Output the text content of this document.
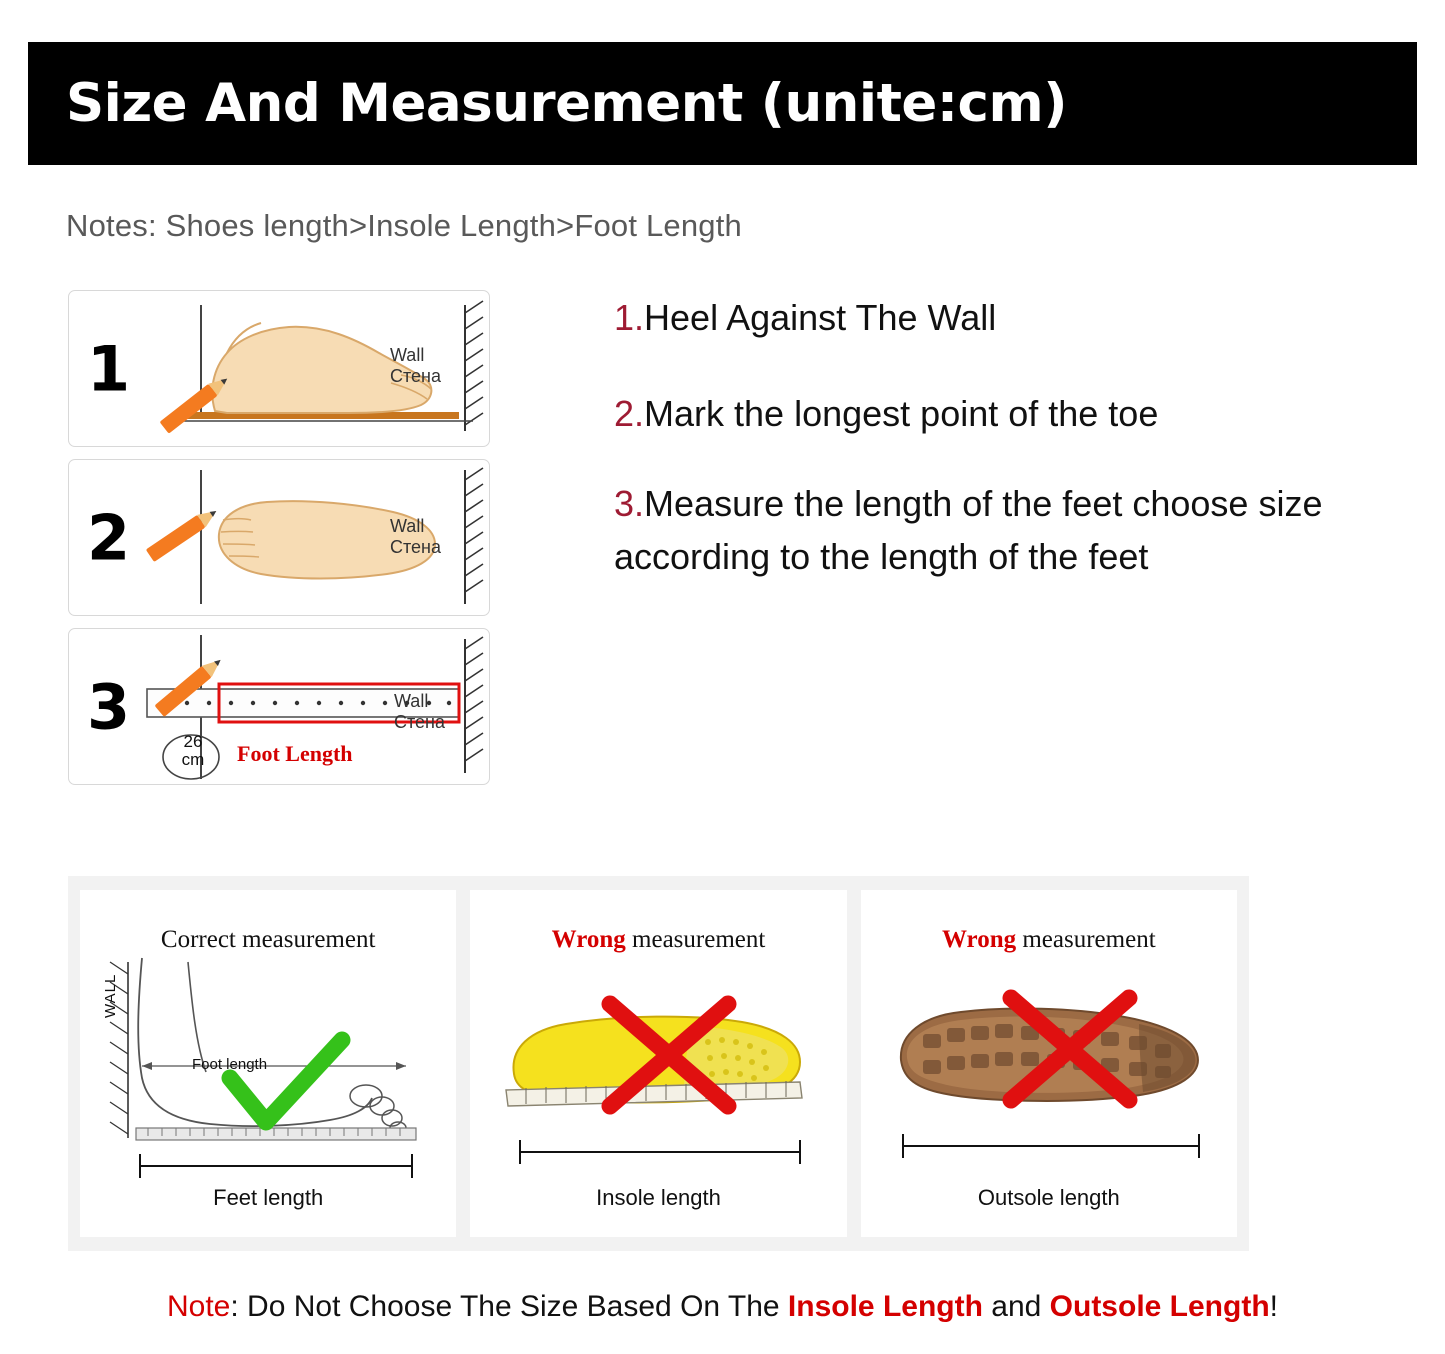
Size And Measurement (unite:cm)
Notes: Shoes length>Insole Length>Foot Length
1	Wall
Стена
2	Wall
Стена
3	26
cm	Foot Length
Wall
Стена
1.Heel Against The Wall
2.Mark the longest point of the toe
3.Measure the length of the feet choose size according to the length of the feet
Correct measurement
WALL
Foot length
Feet length
Wrong measurement
Insole length
Wrong measurement
Outsole length
Note: Do Not Choose The Size Based On The Insole Length and Outsole Length!
